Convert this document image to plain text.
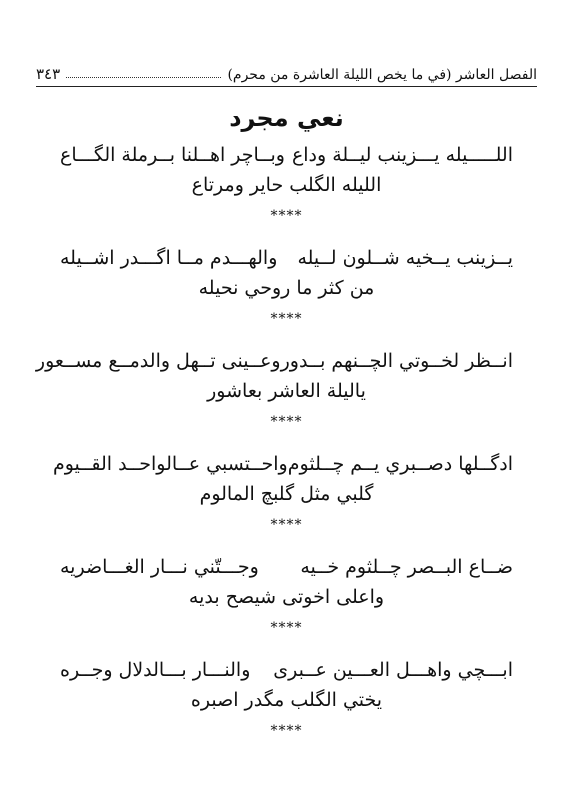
٣٤٣	الفصل العاشر (في ما يخص الليلة العاشرة من محرم)
نعي مجرد
اللـــــيله يـــزينب ليــلة وداع
وبــاچر اهــلنا بــرملة الگـــاع
الليله الگلب حاير ومرتاع
****
يــزينب يــخيه شــلون لــيله
والهـــدم مــا اگـــدر اشــيله
من كثر ما روحي نحيله
****
انــظر لخــوتي الچــنهم بــدور
وعــينى تــهل والدمــع مســعور
ياليلة العاشر بعاشور
****
ادگــلها دصــبري يــم چــلثوم
واحــتسبي عــالواحــد القــيوم
گلبي مثل گلبچ المالوم
****
ضــاع البــصر چــلثوم خــيه
وجـــتّني نـــار الغـــاضريه
واعلى اخوتى شيصح بديه
****
ابـــچي واهـــل العـــين عــبرى
والنـــار بـــالدلال وجــره
يختي الگلب مگدر اصبره
****
